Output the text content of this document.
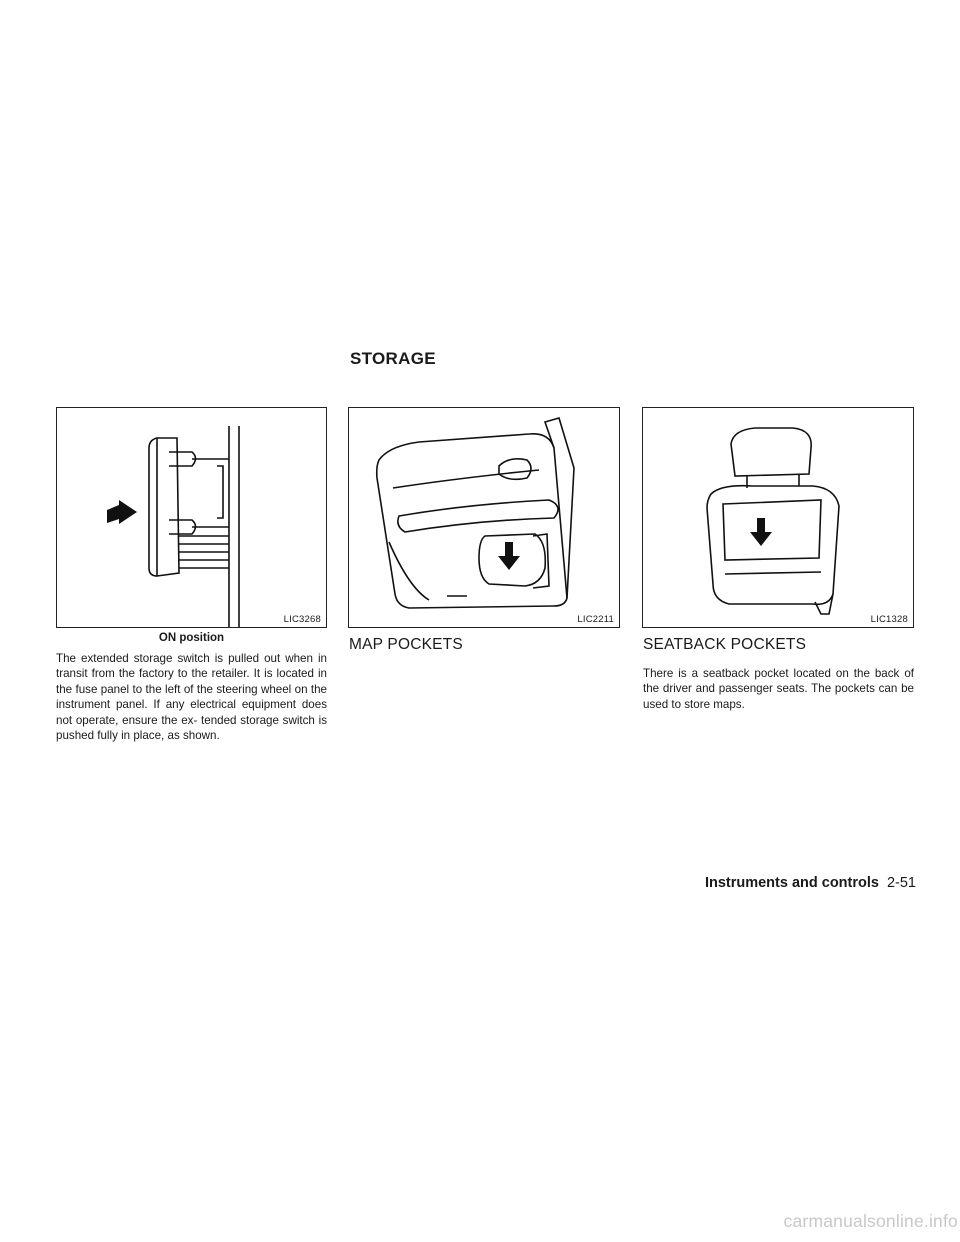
STORAGE
LIC3268
ON position
LIC2211	LIC1328
The extended storage switch is pulled out when in transit from the factory to the retailer. It is located in the fuse panel to the left of the steering wheel on the instrument panel. If any electrical equipment does not operate, ensure the ex- tended storage switch is pushed fully in place, as shown.
MAP POCKETS	SEATBACK POCKETS
There is a seatback pocket located on the back of the driver and passenger seats. The pockets can be used to store maps.
Instruments and controls 2-51
carmanualsonline.info
